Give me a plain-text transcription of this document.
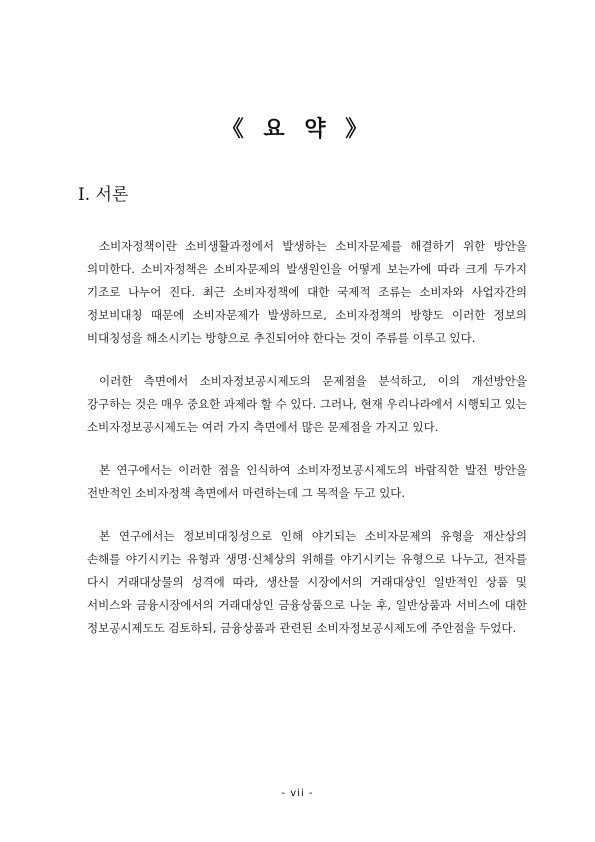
《 요 약 》
Ⅰ. 서론

소비자정책이란 소비생활과정에서 발생하는 소비자문제를 해결하기 위한 방안을 의미한다. 소비자정책은 소비자문제의 발생원인을 어떻게 보는가에 따라 크게 두가지 기조로 나누어 진다. 최근 소비자정책에 대한 국제적 조류는 소비자와 사업자간의 정보비대칭 때문에 소비자문제가 발생하므로, 소비자정책의 방향도 이러한 정보의 비대칭성을 해소시키는 방향으로 추진되어야 한다는 것이 주류를 이루고 있다.

이러한 측면에서 소비자정보공시제도의 문제점을 분석하고, 이의 개선방안을 강구하는 것은 매우 중요한 과제라 할 수 있다. 그러나, 현재 우리나라에서 시행되고 있는 소비자정보공시제도는 여러 가지 측면에서 많은 문제점을 가지고 있다.

본 연구에서는 이러한 점을 인식하여 소비자정보공시제도의 바람직한 발전 방안을 전반적인 소비자정책 측면에서 마련하는데 그 목적을 두고 있다.

본 연구에서는 정보비대칭성으로 인해 야기되는 소비자문제의 유형을 재산상의 손해를 야기시키는 유형과 생명·신체상의 위해를 야기시키는 유형으로 나누고, 전자를 다시 거래대상물의 성격에 따라, 생산물 시장에서의 거래대상인 일반적인 상품 및 서비스와 금융시장에서의 거래대상인 금융상품으로 나눈 후, 일반상품과 서비스에 대한 정보공시제도도 검토하되, 금융상품과 관련된 소비자정보공시제도에 주안점을 두었다.

- vii -
